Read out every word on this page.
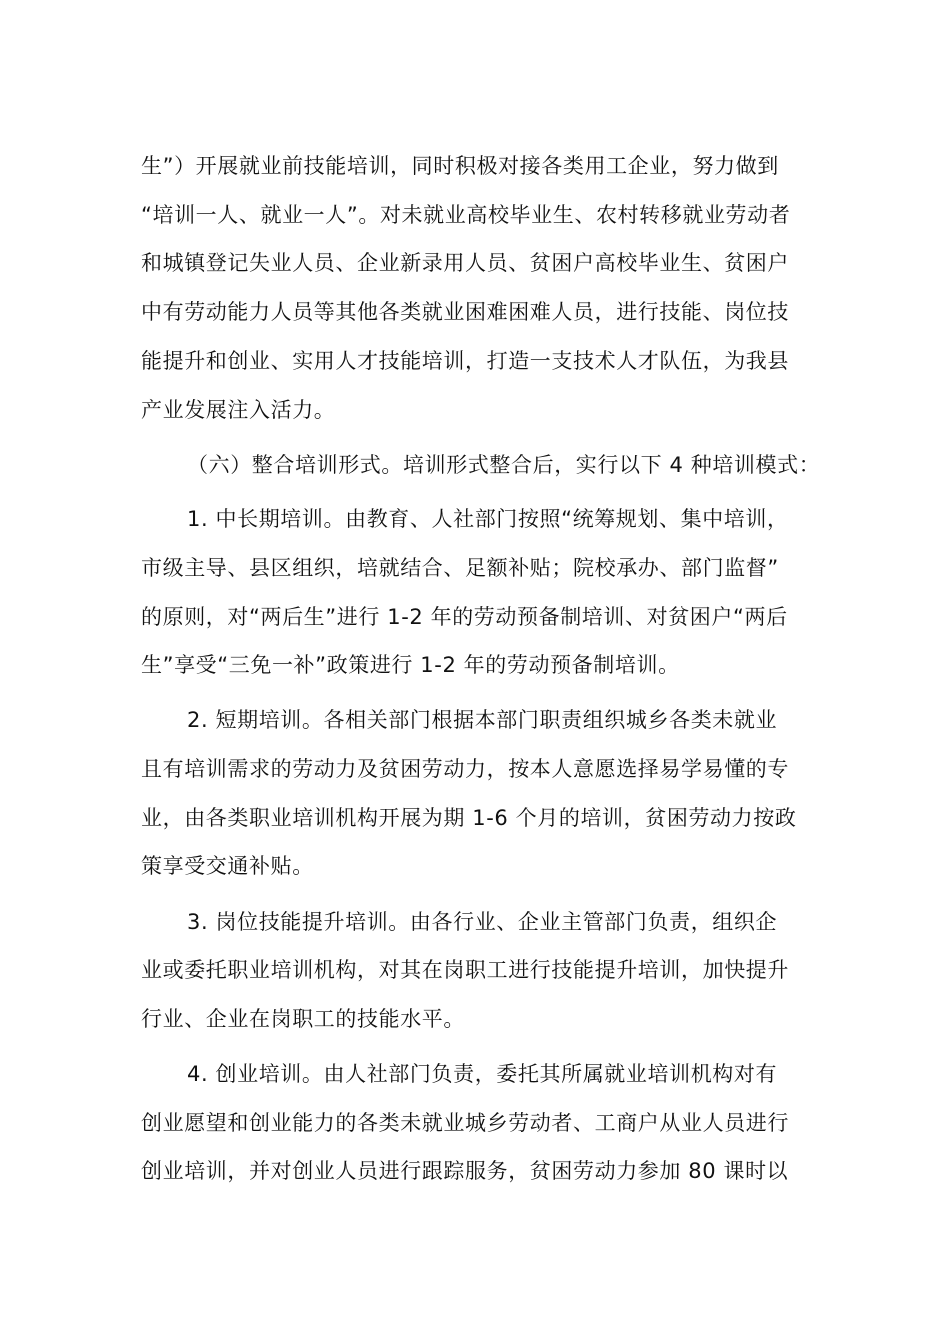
生”）开展就业前技能培训，同时积极对接各类用工企业，努力做到
“培训一人、就业一人”。对未就业高校毕业生、农村转移就业劳动者
和城镇登记失业人员、企业新录用人员、贫困户高校毕业生、贫困户
中有劳动能力人员等其他各类就业困难困难人员，进行技能、岗位技
能提升和创业、实用人才技能培训，打造一支技术人才队伍，为我县
产业发展注入活力。
（六）整合培训形式。培训形式整合后，实行以下 4 种培训模式：
1. 中长期培训。由教育、人社部门按照“统筹规划、集中培训，
市级主导、县区组织，培就结合、足额补贴；院校承办、部门监督”
的原则，对“两后生”进行 1-2 年的劳动预备制培训、对贫困户“两后
生”享受“三免一补”政策进行 1-2 年的劳动预备制培训。
2. 短期培训。各相关部门根据本部门职责组织城乡各类未就业
且有培训需求的劳动力及贫困劳动力，按本人意愿选择易学易懂的专
业，由各类职业培训机构开展为期 1-6 个月的培训，贫困劳动力按政
策享受交通补贴。
3. 岗位技能提升培训。由各行业、企业主管部门负责，组织企
业或委托职业培训机构，对其在岗职工进行技能提升培训，加快提升
行业、企业在岗职工的技能水平。
4. 创业培训。由人社部门负责，委托其所属就业培训机构对有
创业愿望和创业能力的各类未就业城乡劳动者、工商户从业人员进行
创业培训，并对创业人员进行跟踪服务，贫困劳动力参加 80 课时以
